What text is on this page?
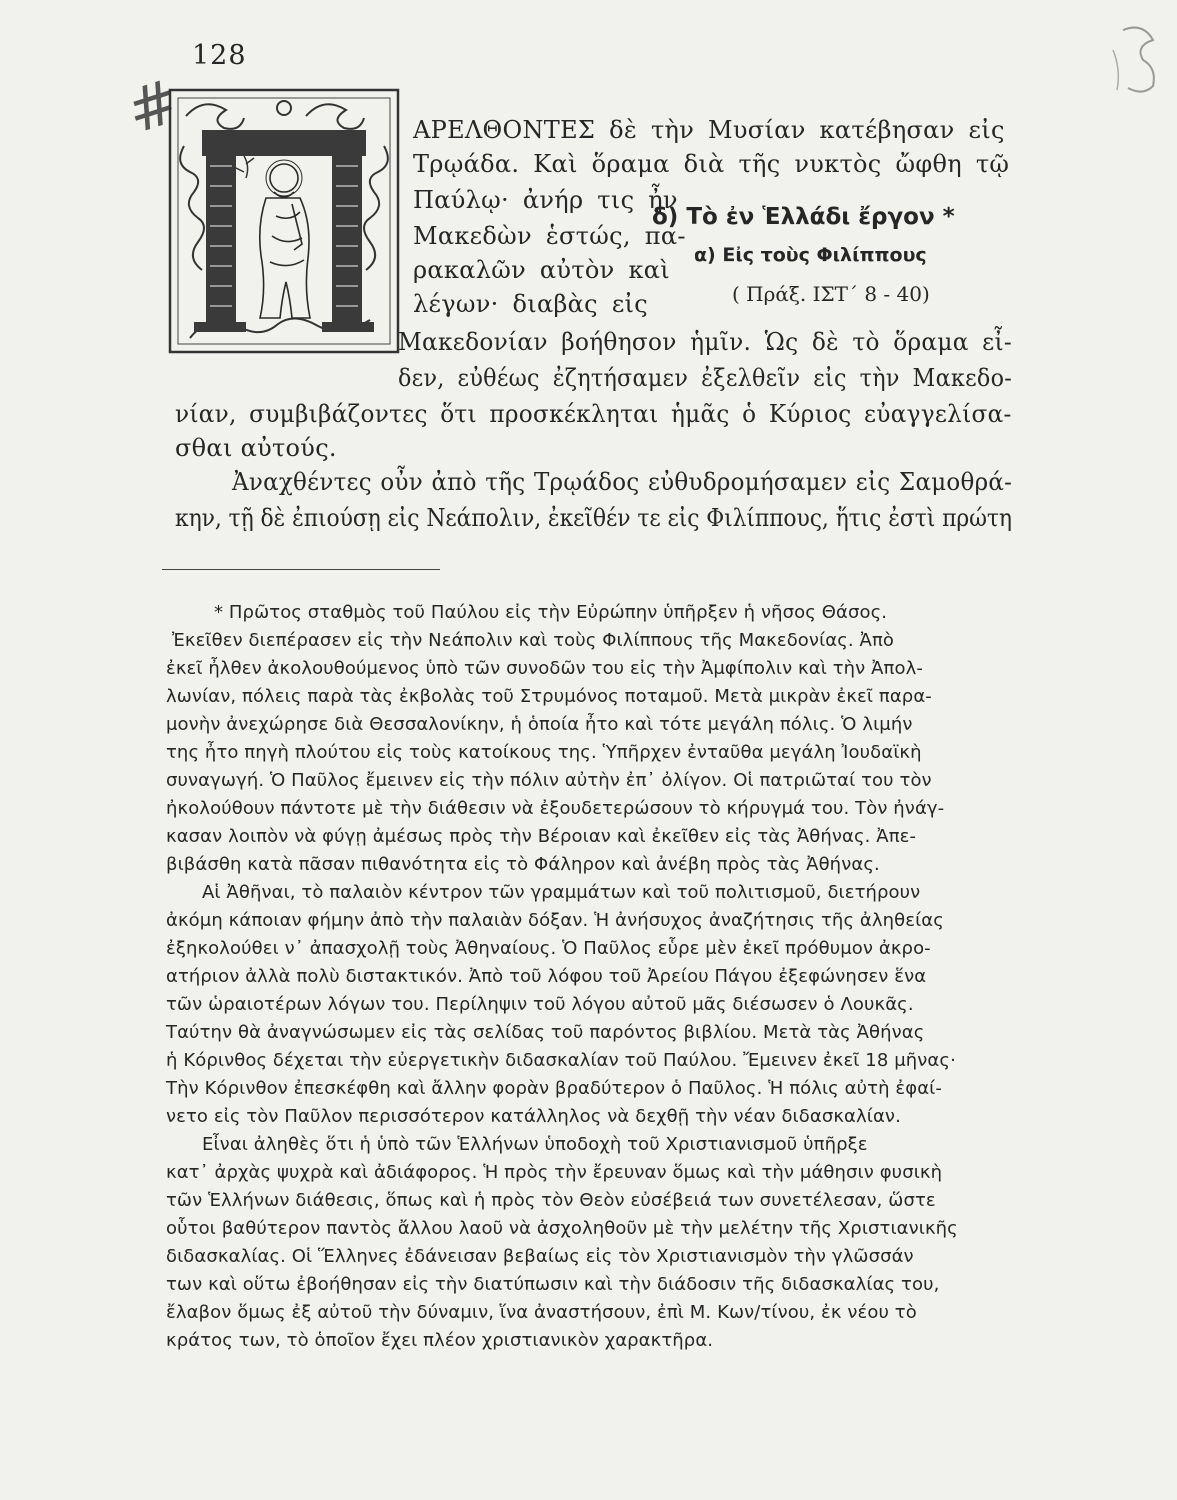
128
#	ΑΡΕΛΘΟΝΤΕΣ δὲ τὴν Μυσίαν κατέβησαν εἰς
Τρῳάδα. Καὶ ὅραμα διὰ τῆς νυκτὸς ὤφθη τῷ
Παύλῳ· ἀνήρ τις ἦν
Μακεδὼν ἑστώς, πα-
ρακαλῶν αὐτὸν καὶ
λέγων· διαβὰς εἰς
δ) Τὸ ἐν Ἑλλάδι ἔργον *
α) Εἰς τοὺς Φιλίππους
( Πράξ. ΙΣΤ΄ 8 - 40)
Μακεδονίαν βοήθησον ἡμῖν. Ὡς δὲ τὸ ὅραμα εἶ-
δεν, εὐθέως ἐζητήσαμεν ἐξελθεῖν εἰς τὴν Μακεδο-
νίαν, συμβιβάζοντες ὅτι προσκέκληται ἡμᾶς ὁ Κύριος εὐαγγελίσα-
σθαι αὐτούς.
Ἀναχθέντες οὖν ἀπὸ τῆς Τρῳάδος εὐθυδρομήσαμεν εἰς Σαμοθρά-
κην, τῇ δὲ ἐπιούσῃ εἰς Νεάπολιν, ἐκεῖθέν τε εἰς Φιλίππους, ἥτις ἐστὶ πρώτη
* Πρῶτος σταθμὸς τοῦ Παύλου εἰς τὴν Εὐρώπην ὑπῆρξεν ἡ νῆσος Θάσος.
Ἐκεῖθεν διεπέρασεν εἰς τὴν Νεάπολιν καὶ τοὺς Φιλίππους τῆς Μακεδονίας. Ἀπὸ
ἐκεῖ ἦλθεν ἀκολουθούμενος ὑπὸ τῶν συνοδῶν του εἰς τὴν Ἀμφίπολιν καὶ τὴν Ἀπολ-
λωνίαν, πόλεις παρὰ τὰς ἐκβολὰς τοῦ Στρυμόνος ποταμοῦ. Μετὰ μικρὰν ἐκεῖ παρα-
μονὴν ἀνεχώρησε διὰ Θεσσαλονίκην, ἡ ὁποία ἦτο καὶ τότε μεγάλη πόλις. Ὁ λιμήν
της ἦτο πηγὴ πλούτου εἰς τοὺς κατοίκους της. Ὑπῆρχεν ἐνταῦθα μεγάλη Ἰουδαϊκὴ
συναγωγή. Ὁ Παῦλος ἔμεινεν εἰς τὴν πόλιν αὐτὴν ἐπ᾽ ὀλίγον. Οἱ πατριῶταί του τὸν
ἠκολούθουν πάντοτε μὲ τὴν διάθεσιν νὰ ἐξουδετερώσουν τὸ κήρυγμά του. Τὸν ἠνάγ-
κασαν λοιπὸν νὰ φύγῃ ἀμέσως πρὸς τὴν Βέροιαν καὶ ἐκεῖθεν εἰς τὰς Ἀθήνας. Ἀπε-
βιβάσθη κατὰ πᾶσαν πιθανότητα εἰς τὸ Φάληρον καὶ ἀνέβη πρὸς τὰς Ἀθήνας.
Αἱ Ἀθῆναι, τὸ παλαιὸν κέντρον τῶν γραμμάτων καὶ τοῦ πολιτισμοῦ, διετήρουν
ἀκόμη κάποιαν φήμην ἀπὸ τὴν παλαιὰν δόξαν. Ἡ ἀνήσυχος ἀναζήτησις τῆς ἀληθείας
ἐξηκολούθει ν᾽ ἀπασχολῇ τοὺς Ἀθηναίους. Ὁ Παῦλος εὗρε μὲν ἐκεῖ πρόθυμον ἀκρο-
ατήριον ἀλλὰ πολὺ διστακτικόν. Ἀπὸ τοῦ λόφου τοῦ Ἀρείου Πάγου ἐξεφώνησεν ἕνα
τῶν ὡραιοτέρων λόγων του. Περίληψιν τοῦ λόγου αὐτοῦ μᾶς διέσωσεν ὁ Λουκᾶς.
Ταύτην θὰ ἀναγνώσωμεν εἰς τὰς σελίδας τοῦ παρόντος βιβλίου. Μετὰ τὰς Ἀθήνας
ἡ Κόρινθος δέχεται τὴν εὐεργετικὴν διδασκαλίαν τοῦ Παύλου. Ἔμεινεν ἐκεῖ 18 μῆνας·
Τὴν Κόρινθον ἐπεσκέφθη καὶ ἄλλην φορὰν βραδύτερον ὁ Παῦλος. Ἡ πόλις αὐτὴ ἐφαί-
νετο εἰς τὸν Παῦλον περισσότερον κατάλληλος νὰ δεχθῇ τὴν νέαν διδασκαλίαν.
Εἶναι ἀληθὲς ὅτι ἡ ὑπὸ τῶν Ἑλλήνων ὑποδοχὴ τοῦ Χριστιανισμοῦ ὑπῆρξε
κατ᾽ ἀρχὰς ψυχρὰ καὶ ἀδιάφορος. Ἡ πρὸς τὴν ἔρευναν ὅμως καὶ τὴν μάθησιν φυσικὴ
τῶν Ἑλλήνων διάθεσις, ὅπως καὶ ἡ πρὸς τὸν Θεὸν εὐσέβειά των συνετέλεσαν, ὥστε
οὗτοι βαθύτερον παντὸς ἄλλου λαοῦ νὰ ἀσχοληθοῦν μὲ τὴν μελέτην τῆς Χριστιανικῆς
διδασκαλίας. Οἱ Ἕλληνες ἐδάνεισαν βεβαίως εἰς τὸν Χριστιανισμὸν τὴν γλῶσσάν
των καὶ οὕτω ἐβοήθησαν εἰς τὴν διατύπωσιν καὶ τὴν διάδοσιν τῆς διδασκαλίας του,
ἔλαβον ὅμως ἐξ αὐτοῦ τὴν δύναμιν, ἵνα ἀναστήσουν, ἐπὶ Μ. Κων/τίνου, ἐκ νέου τὸ
κράτος των, τὸ ὁποῖον ἔχει πλέον χριστιανικὸν χαρακτῆρα.
